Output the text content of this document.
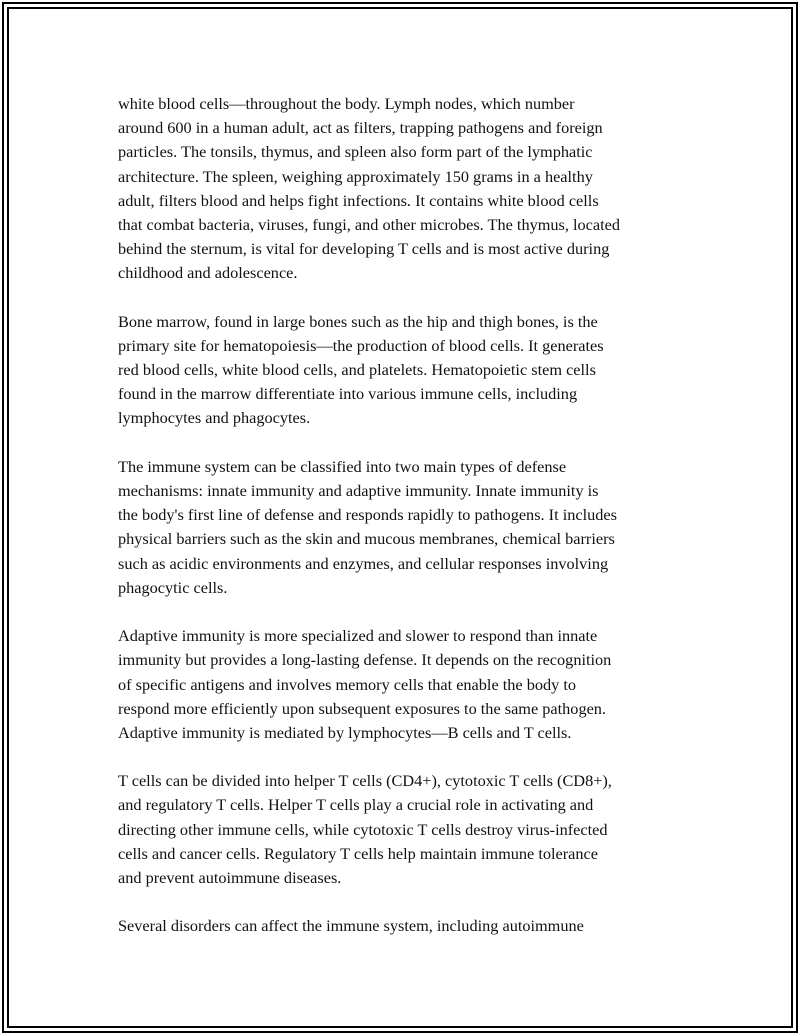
white blood cells—throughout the body. Lymph nodes, which number
around 600 in a human adult, act as filters, trapping pathogens and foreign
particles. The tonsils, thymus, and spleen also form part of the lymphatic
architecture. The spleen, weighing approximately 150 grams in a healthy
adult, filters blood and helps fight infections. It contains white blood cells
that combat bacteria, viruses, fungi, and other microbes. The thymus, located
behind the sternum, is vital for developing T cells and is most active during
childhood and adolescence.
Bone marrow, found in large bones such as the hip and thigh bones, is the
primary site for hematopoiesis—the production of blood cells. It generates
red blood cells, white blood cells, and platelets. Hematopoietic stem cells
found in the marrow differentiate into various immune cells, including
lymphocytes and phagocytes.
The immune system can be classified into two main types of defense
mechanisms: innate immunity and adaptive immunity. Innate immunity is
the body's first line of defense and responds rapidly to pathogens. It includes
physical barriers such as the skin and mucous membranes, chemical barriers
such as acidic environments and enzymes, and cellular responses involving
phagocytic cells.
Adaptive immunity is more specialized and slower to respond than innate
immunity but provides a long-lasting defense. It depends on the recognition
of specific antigens and involves memory cells that enable the body to
respond more efficiently upon subsequent exposures to the same pathogen.
Adaptive immunity is mediated by lymphocytes—B cells and T cells.
T cells can be divided into helper T cells (CD4+), cytotoxic T cells (CD8+),
and regulatory T cells. Helper T cells play a crucial role in activating and
directing other immune cells, while cytotoxic T cells destroy virus-infected
cells and cancer cells. Regulatory T cells help maintain immune tolerance
and prevent autoimmune diseases.
Several disorders can affect the immune system, including autoimmune
